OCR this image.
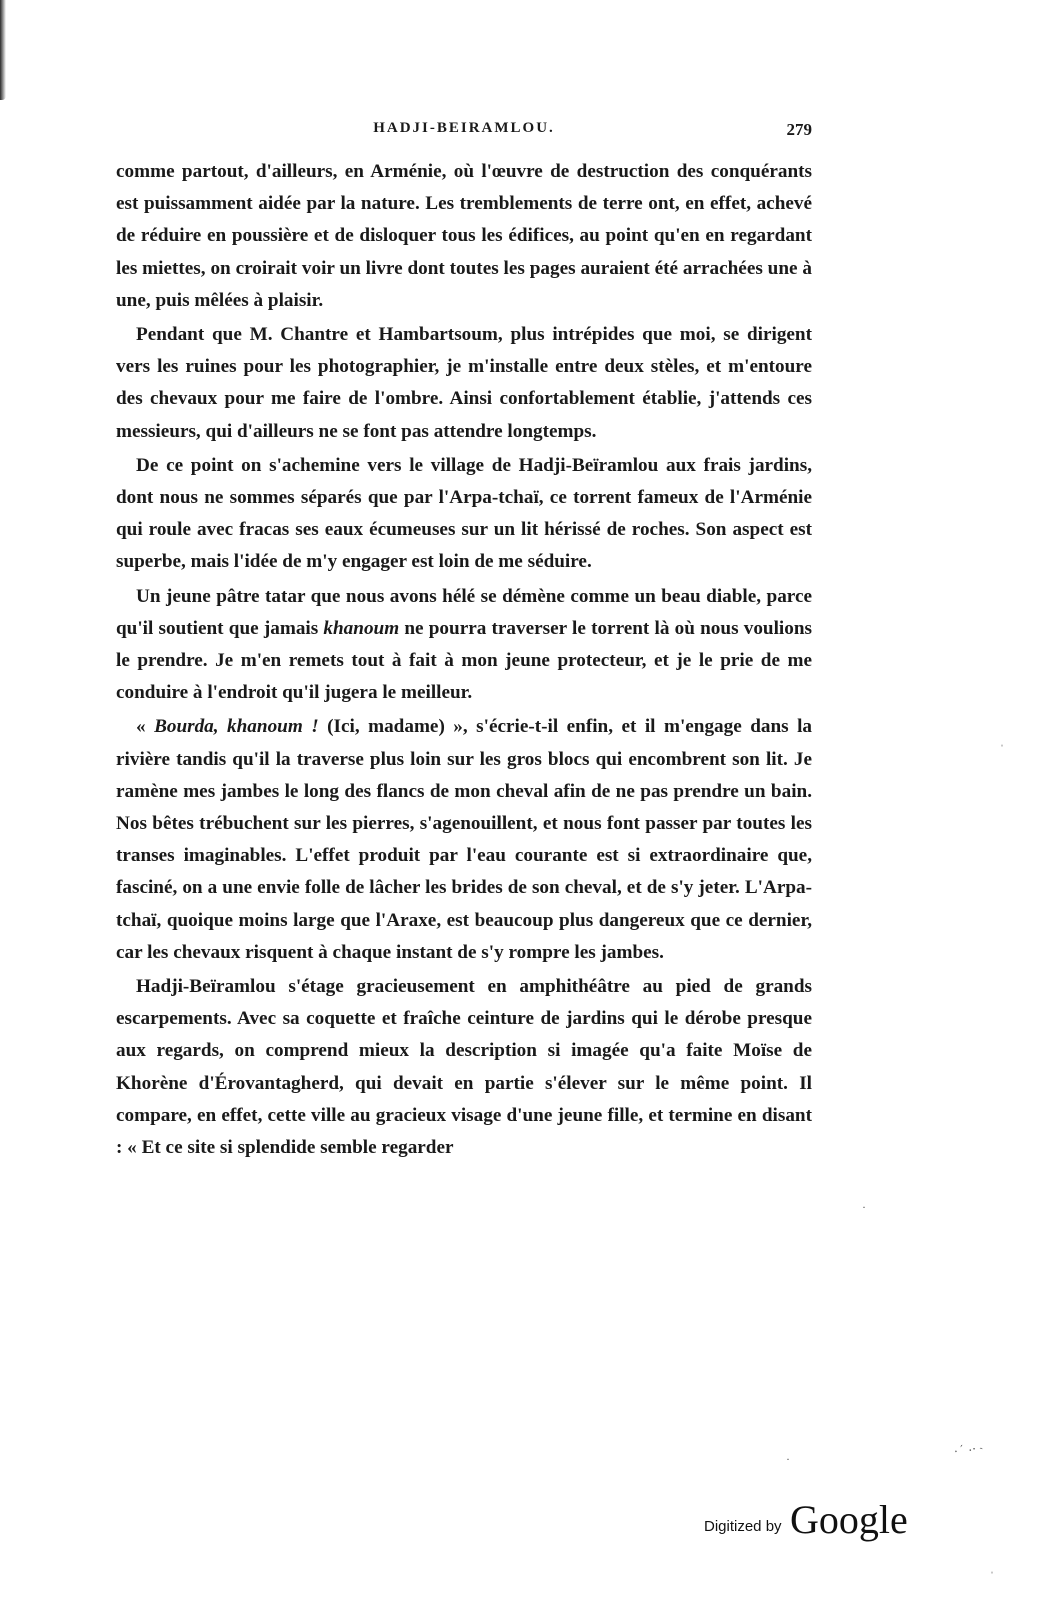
HADJI-BEIRAMLOU.	279

comme partout, d'ailleurs, en Arménie, où l'œuvre de destruction des conquérants est puissamment aidée par la nature. Les tremblements de terre ont, en effet, achevé de réduire en poussière et de disloquer tous les édifices, au point qu'en en regardant les miettes, on croirait voir un livre dont toutes les pages auraient été arrachées une à une, puis mêlées à plaisir.

Pendant que M. Chantre et Hambartsoum, plus intrépides que moi, se dirigent vers les ruines pour les photographier, je m'installe entre deux stèles, et m'entoure des chevaux pour me faire de l'ombre. Ainsi confortablement établie, j'attends ces messieurs, qui d'ailleurs ne se font pas attendre longtemps.

De ce point on s'achemine vers le village de Hadji-Beïramlou aux frais jardins, dont nous ne sommes séparés que par l'Arpa-tchaï, ce torrent fameux de l'Arménie qui roule avec fracas ses eaux écumeuses sur un lit hérissé de roches. Son aspect est superbe, mais l'idée de m'y engager est loin de me séduire.

Un jeune pâtre tatar que nous avons hélé se démène comme un beau diable, parce qu'il soutient que jamais khanoum ne pourra traverser le torrent là où nous voulions le prendre. Je m'en remets tout à fait à mon jeune protecteur, et je le prie de me conduire à l'endroit qu'il jugera le meilleur.

« Bourda, khanoum ! (Ici, madame) », s'écrie-t-il enfin, et il m'engage dans la rivière tandis qu'il la traverse plus loin sur les gros blocs qui encombrent son lit. Je ramène mes jambes le long des flancs de mon cheval afin de ne pas prendre un bain. Nos bêtes trébuchent sur les pierres, s'agenouillent, et nous font passer par toutes les transes imaginables. L'effet produit par l'eau courante est si extraordinaire que, fasciné, on a une envie folle de lâcher les brides de son cheval, et de s'y jeter. L'Arpa-tchaï, quoique moins large que l'Araxe, est beaucoup plus dangereux que ce dernier, car les chevaux risquent à chaque instant de s'y rompre les jambes.

Hadji-Beïramlou s'étage gracieusement en amphithéâtre au pied de grands escarpements. Avec sa coquette et fraîche ceinture de jardins qui le dérobe presque aux regards, on comprend mieux la description si imagée qu'a faite Moïse de Khorène d'Érovantagherd, qui devait en partie s'élever sur le même point. Il compare, en effet, cette ville au gracieux visage d'une jeune fille, et termine en disant : « Et ce site si splendide semble regarder

ˈ
·
·
‧ ˊ ‥ ˎ
ˌ
Digitized by Google
